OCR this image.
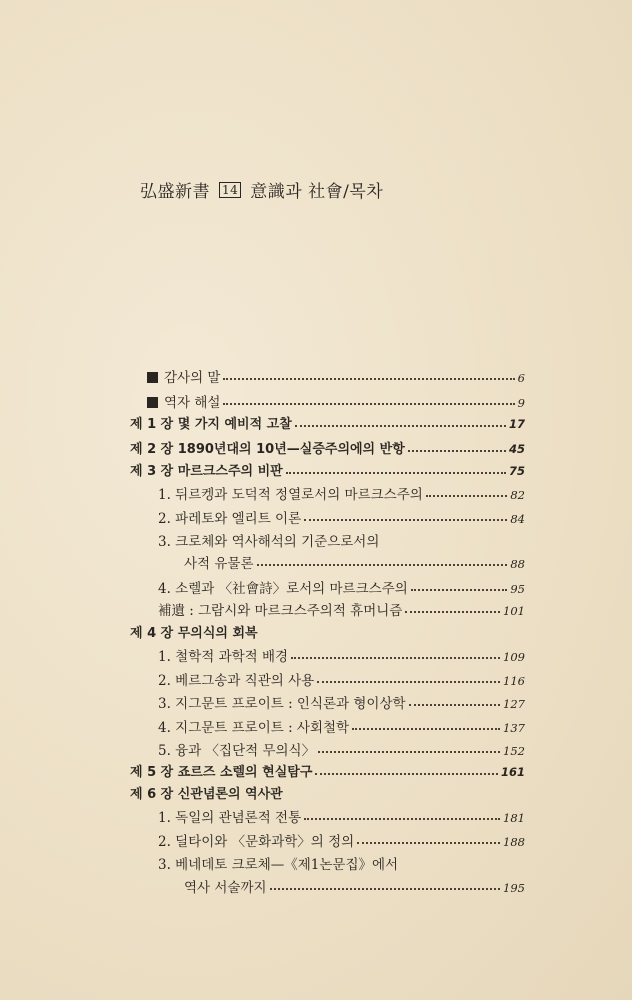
弘盛新書 14 意識과 社會/목차
감사의 말	6
역자 해설	9
제 1 장 몇 가지 예비적 고찰	17
제 2 장 1890년대의 10년—실증주의에의 반항	45
제 3 장 마르크스주의 비판	75
1. 뒤르켕과 도덕적 정열로서의 마르크스주의	82
2. 파레토와 엘리트 이론	84
3. 크로체와 역사해석의 기준으로서의
사적 유물론	88
4. 소렐과 〈社會詩〉로서의 마르크스주의	95
補遺 : 그람시와 마르크스주의적 휴머니즘	101
제 4 장 무의식의 회복
1. 철학적 과학적 배경	109
2. 베르그송과 직관의 사용	116
3. 지그문트 프로이트 : 인식론과 형이상학	127
4. 지그문트 프로이트 : 사회철학	137
5. 융과 〈집단적 무의식〉	152
제 5 장 죠르즈 소렐의 현실탐구	161
제 6 장 신관념론의 역사관
1. 독일의 관념론적 전통	181
2. 딜타이와 〈문화과학〉의 정의	188
3. 베네데토 크로체—《제1논문집》에서
역사 서술까지	195
